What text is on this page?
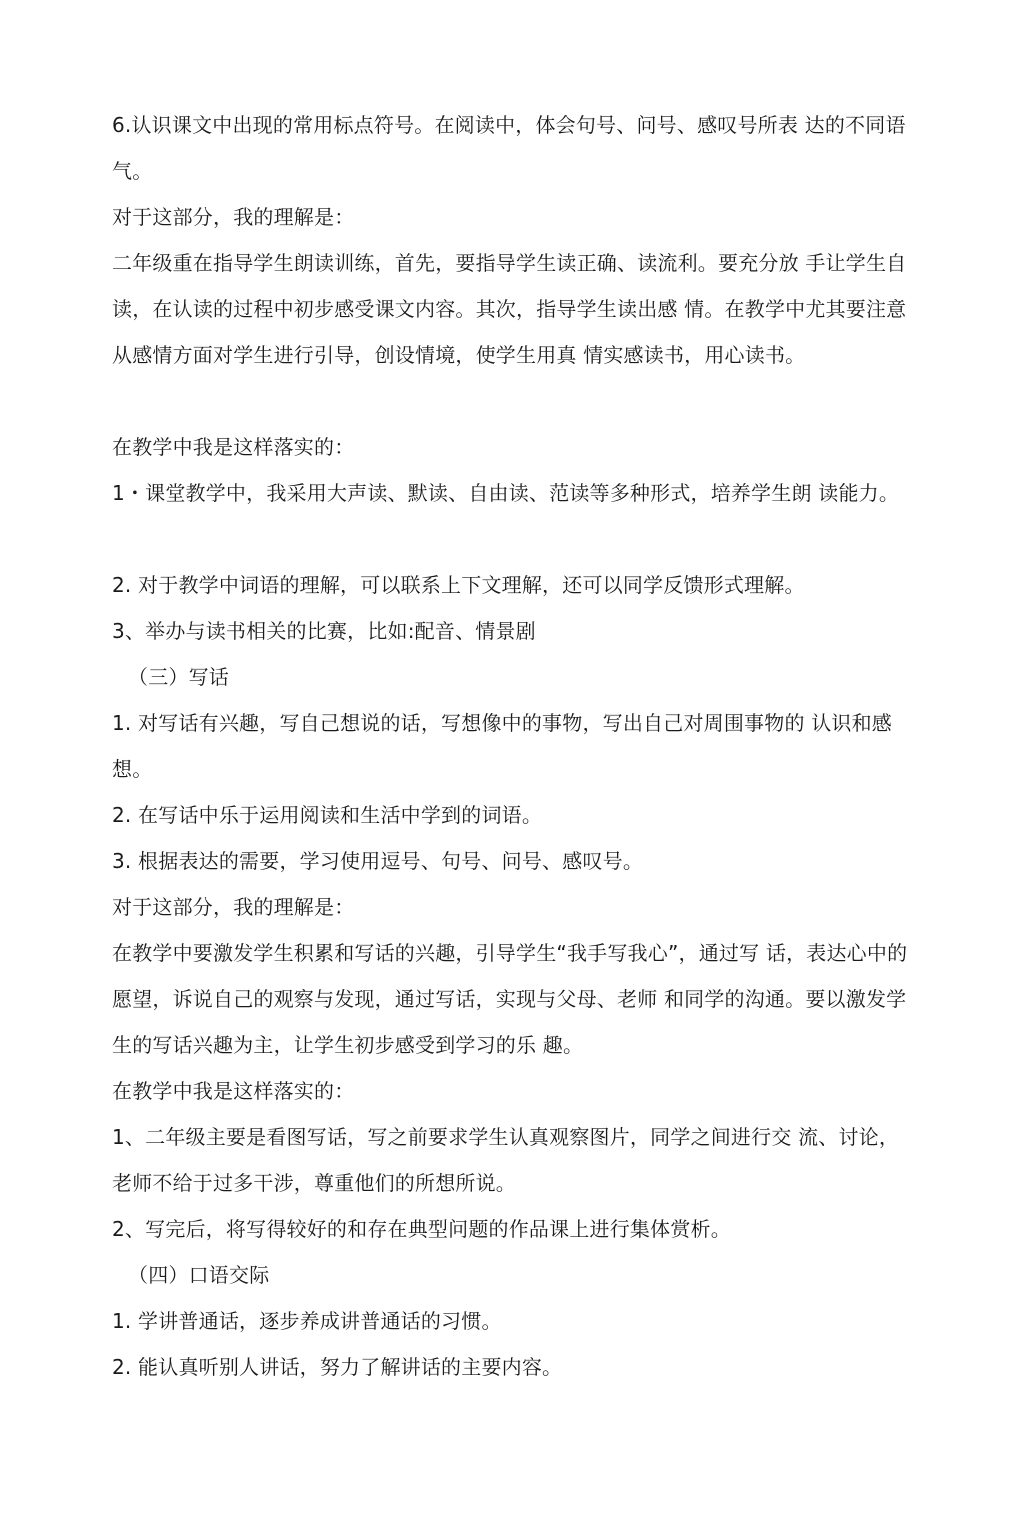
6.认识课文中出现的常用标点符号。在阅读中，体会句号、问号、感叹号所表 达的不同语气。

对于这部分，我的理解是：

二年级重在指导学生朗读训练，首先，要指导学生读正确、读流利。要充分放 手让学生自读，在认读的过程中初步感受课文内容。其次，指导学生读出感 情。在教学中尤其要注意从感情方面对学生进行引导，创设情境，使学生用真 情实感读书，用心读书。

在教学中我是这样落实的：

1・课堂教学中，我采用大声读、默读、自由读、范读等多种形式，培养学生朗 读能力。

2. 对于教学中词语的理解，可以联系上下文理解，还可以同学反馈形式理解。

3、举办与读书相关的比赛，比如:配音、情景剧

（三）写话

1. 对写话有兴趣，写自己想说的话，写想像中的事物，写出自己对周围事物的 认识和感想。

2. 在写话中乐于运用阅读和生活中学到的词语。

3. 根据表达的需要，学习使用逗号、句号、问号、感叹号。

对于这部分，我的理解是：

在教学中要激发学生积累和写话的兴趣，引导学生“我手写我心”，通过写 话，表达心中的愿望，诉说自己的观察与发现，通过写话，实现与父母、老师 和同学的沟通。要以激发学生的写话兴趣为主，让学生初步感受到学习的乐 趣。

在教学中我是这样落实的：

1、二年级主要是看图写话，写之前要求学生认真观察图片，同学之间进行交 流、讨论，老师不给于过多干涉，尊重他们的所想所说。

2、写完后，将写得较好的和存在典型问题的作品课上进行集体赏析。

（四）口语交际

1. 学讲普通话，逐步养成讲普通话的习惯。

2. 能认真听别人讲话，努力了解讲话的主要内容。
